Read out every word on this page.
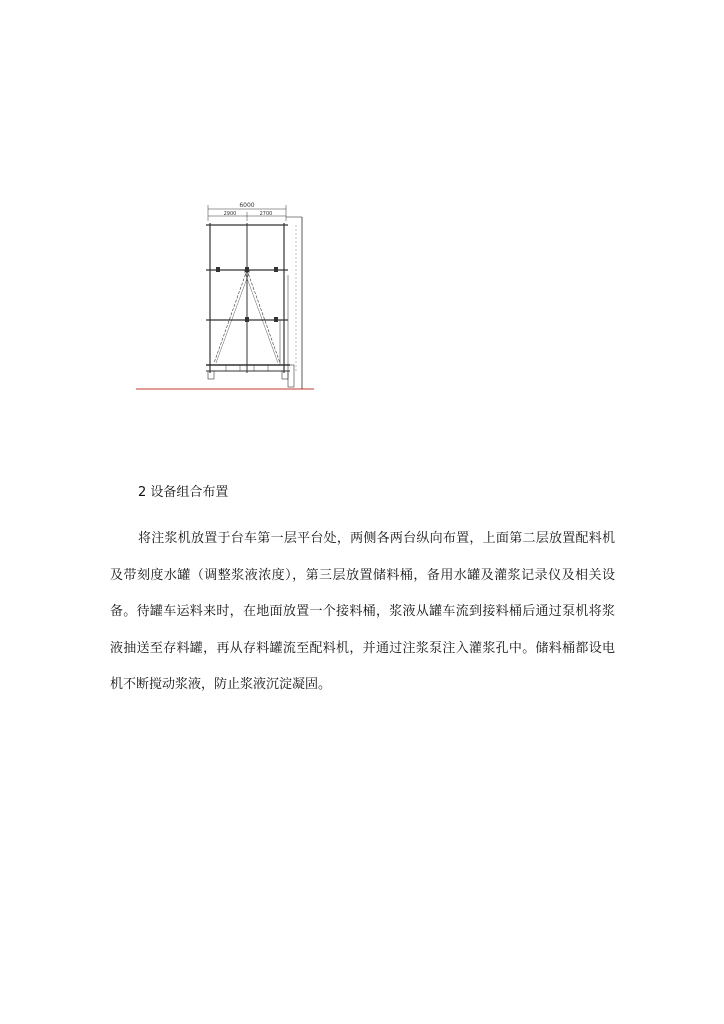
6000
2900	2700
2 设备组合布置

将注浆机放置于台车第一层平台处，两侧各两台纵向布置，上面第二层放置配料机及带刻度水罐（调整浆液浓度），第三层放置储料桶，备用水罐及灌浆记录仪及相关设备。待罐车运料来时，在地面放置一个接料桶，浆液从罐车流到接料桶后通过泵机将浆液抽送至存料罐，再从存料罐流至配料机，并通过注浆泵注入灌浆孔中。储料桶都设电机不断搅动浆液，防止浆液沉淀凝固。
